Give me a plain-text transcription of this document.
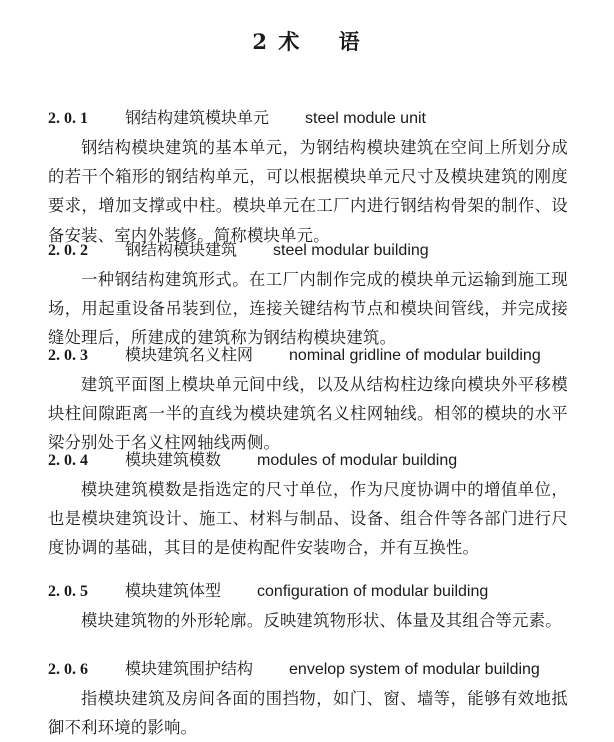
2 术    语
2. 0. 1 钢结构建筑模块单元 steel module unit
钢结构模块建筑的基本单元，为钢结构模块建筑在空间上所划分成的若干个箱形的钢结构单元，可以根据模块单元尺寸及模块建筑的刚度要求，增加支撑或中柱。模块单元在工厂内进行钢结构骨架的制作、设备安装、室内外装修。简称模块单元。
2. 0. 2 钢结构模块建筑 steel modular building
一种钢结构建筑形式。在工厂内制作完成的模块单元运输到施工现场，用起重设备吊装到位，连接关键结构节点和模块间管线，并完成接缝处理后，所建成的建筑称为钢结构模块建筑。
2. 0. 3 模块建筑名义柱网 nominal gridline of modular building
建筑平面图上模块单元间中线，以及从结构柱边缘向模块外平移模块柱间隙距离一半的直线为模块建筑名义柱网轴线。相邻的模块的水平梁分别处于名义柱网轴线两侧。
2. 0. 4 模块建筑模数 modules of modular building
模块建筑模数是指选定的尺寸单位，作为尺度协调中的增值单位，也是模块建筑设计、施工、材料与制品、设备、组合件等各部门进行尺度协调的基础，其目的是使构配件安装吻合，并有互换性。
2. 0. 5 模块建筑体型 configuration of modular building
模块建筑物的外形轮廓。反映建筑物形状、体量及其组合等元素。
2. 0. 6 模块建筑围护结构 envelop system of modular building
指模块建筑及房间各面的围挡物，如门、窗、墙等，能够有效地抵御不利环境的影响。
